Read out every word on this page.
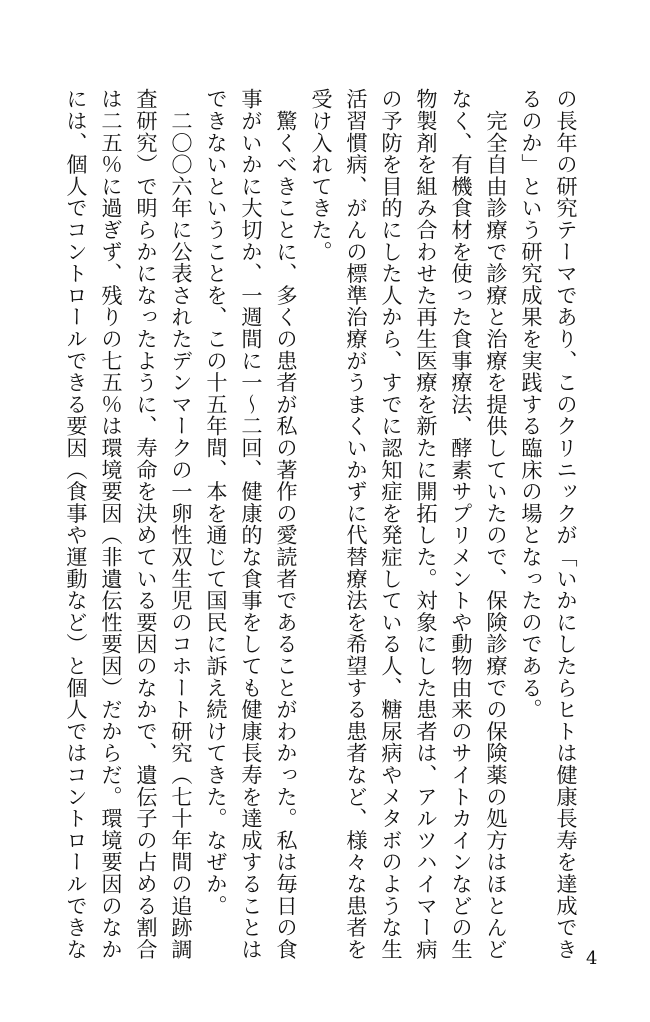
の長年の研究テーマであり、このクリニックが「いかにしたらヒトは健康長寿を達成でき
るのか」という研究成果を実践する臨床の場となったのである。
　完全自由診療で診療と治療を提供していたので、保険診療での保険薬の処方はほとんど
なく、有機食材を使った食事療法、酵素サプリメントや動物由来のサイトカインなどの生
物製剤を組み合わせた再生医療を新たに開拓した。対象にした患者は、アルツハイマー病
の予防を目的にした人から、すでに認知症を発症している人、糖尿病やメタボのような生
活習慣病、がんの標準治療がうまくいかずに代替療法を希望する患者など、様々な患者を
受け入れてきた。
　驚くべきことに、多くの患者が私の著作の愛読者であることがわかった。私は毎日の食
事がいかに大切か、一週間に一～二回、健康的な食事をしても健康長寿を達成することは
できないということを、この十五年間、本を通じて国民に訴え続けてきた。なぜか。
　二〇〇六年に公表されたデンマークの一卵性双生児のコホート研究（七十年間の追跡調
査研究）で明らかになったように、寿命を決めている要因のなかで、遺伝子の占める割合
は二五％に過ぎず、残りの七五％は環境要因（非遺伝性要因）だからだ。環境要因のなか
には、個人でコントロールできる要因（食事や運動など）と個人ではコントロールできな	4
